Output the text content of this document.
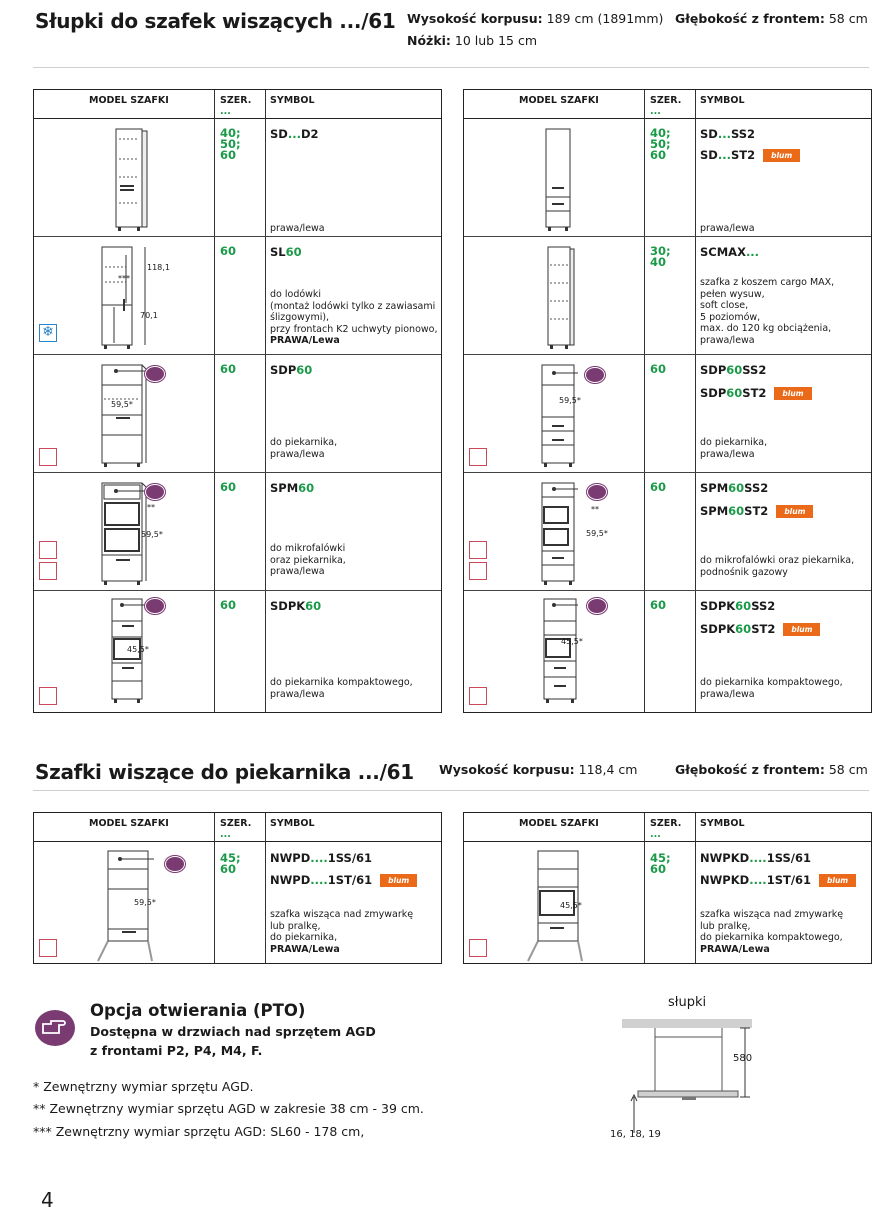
Słupki do szafek wiszących .../61 Wysokość korpusu: 189 cm (1891mm) Głębokość z frontem: 58 cm
Nóżki: 10 lub 15 cm
MODEL SZAFKI	SZER.
...
SYMBOL
40;
50;
60
SD...D2
prawa/lewa
118,1
***
70,1
❄
60	SL60
do lodówki
(montaż lodówki tylko z zawiasami ślizgowymi),
przy frontach K2 uchwyty pionowo,
PRAWA/Lewa
59,5*
60	SDP60
do piekarnika,
prawa/lewa
**
59,5*
60	SPM60
do mikrofalówki
oraz piekarnika,
prawa/lewa
45,5*
60	SDPK60
do piekarnika kompaktowego,
prawa/lewa
MODEL SZAFKI	SZER.
...
SYMBOL
40;
50;
60
SD...SS2
SD...ST2 blum
prawa/lewa
30;
40
SCMAX...
szafka z koszem cargo MAX,
pełen wysuw,
soft close,
5 poziomów,
max. do 120 kg obciążenia,
prawa/lewa
59,5*
60	SDP60SS2
SDP60ST2 blum
do piekarnika,
prawa/lewa
**
59,5*
60	SPM60SS2
SPM60ST2 blum
do mikrofalówki oraz piekarnika,
podnośnik gazowy
45,5*
60	SDPK60SS2
SDPK60ST2 blum
do piekarnika kompaktowego,
prawa/lewa
Szafki wiszące do piekarnika .../61 Wysokość korpusu: 118,4 cm	Głębokość z frontem: 58 cm
MODEL SZAFKI	SZER.
...
SYMBOL
59,5*
45;
60
NWPD....1SS/61
NWPD....1ST/61 blum
szafka wisząca nad zmywarkę
lub pralkę,
do piekarnika,
PRAWA/Lewa
MODEL SZAFKI	SZER.
...
SYMBOL
45,5*
45;
60
NWPKD....1SS/61
NWPKD....1ST/61 blum
szafka wisząca nad zmywarkę
lub pralkę,
do piekarnika kompaktowego,
PRAWA/Lewa
Opcja otwierania (PTO)
Dostępna w drzwiach nad sprzętem AGD
z frontami P2, P4, M4, F.
* Zewnętrzny wymiar sprzętu AGD.
** Zewnętrzny wymiar sprzętu AGD w zakresie 38 cm - 39 cm.
*** Zewnętrzny wymiar sprzętu AGD: SL60 - 178 cm,
słupki
580
16, 18, 19
4
